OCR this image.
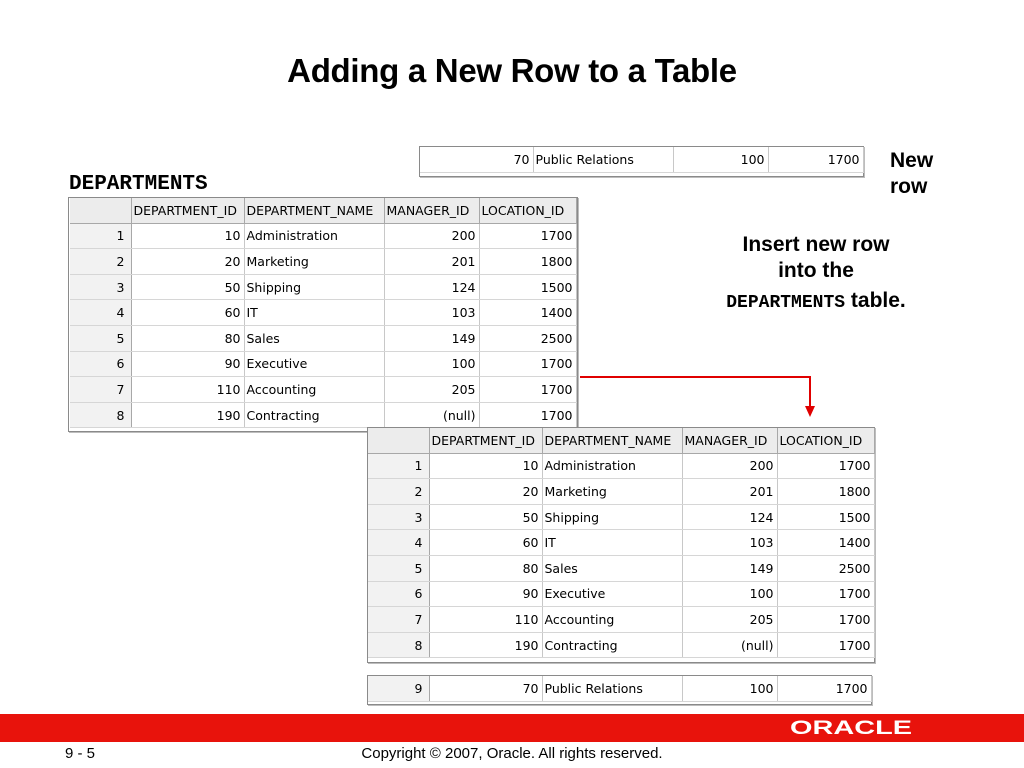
Adding a New Row to a Table
70	Public Relations	100	1700 New row
DEPARTMENTS
	DEPARTMENT_ID	DEPARTMENT_NAME	MANAGER_ID	LOCATION_ID
1	10	Administration	200	1700
2	20	Marketing	201	1800
3	50	Shipping	124	1500
4	60	IT	103	1400
5	80	Sales	149	2500
6	90	Executive	100	1700
7	110	Accounting	205	1700
8	190	Contracting	(null)	1700
Insert new row
into the
DEPARTMENTS table.
	DEPARTMENT_ID	DEPARTMENT_NAME	MANAGER_ID	LOCATION_ID
1	10	Administration	200	1700
2	20	Marketing	201	1800
3	50	Shipping	124	1500
4	60	IT	103	1400
5	80	Sales	149	2500
6	90	Executive	100	1700
7	110	Accounting	205	1700
8	190	Contracting	(null)	1700
9	70	Public Relations	100	1700
ORACLE
9 - 5	Copyright © 2007, Oracle. All rights reserved.
